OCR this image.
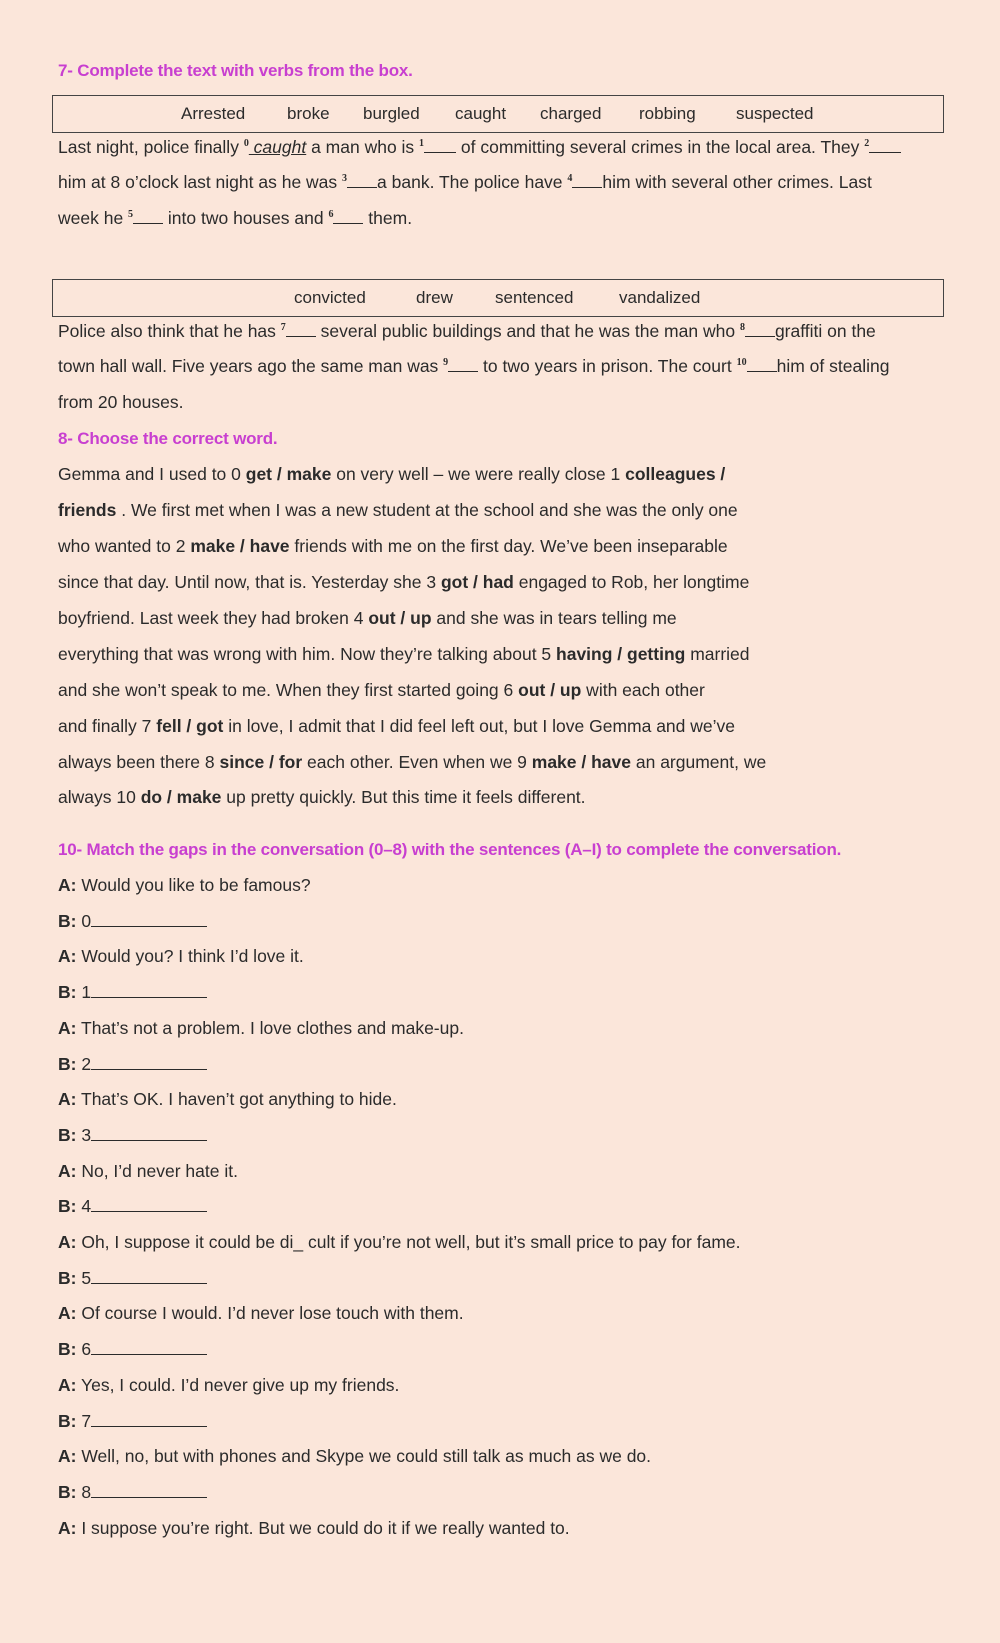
7- Complete the text with verbs from the box.
Arrested broke burgled caught charged robbing suspected
Last night, police finally $^0$ caught a man who is $^1$ of committing several crimes in the local area. They $^2$
him at 8 o’clock last night as he was $^3$ a bank. The police have $^4$ him with several other crimes. Last
week he $^5$ into two houses and $^6$ them.
convicted	drew sentenced	vandalized
Police also think that he has $^7$ several public buildings and that he was the man who $^8$ graffiti on the
town hall wall. Five years ago the same man was $^9$ to two years in prison. The court $^{10}$ him of stealing
from 20 houses.
8- Choose the correct word.
Gemma and I used to 0 get / make on very well – we were really close 1 colleagues /
friends . We first met when I was a new student at the school and she was the only one
who wanted to 2 make / have friends with me on the first day. We’ve been inseparable
since that day. Until now, that is. Yesterday she 3 got / had engaged to Rob, her longtime
boyfriend. Last week they had broken 4 out / up and she was in tears telling me
everything that was wrong with him. Now they’re talking about 5 having / getting married
and she won’t speak to me. When they first started going 6 out / up with each other
and finally 7 fell / got in love, I admit that I did feel left out, but I love Gemma and we’ve
always been there 8 since / for each other. Even when we 9 make / have an argument, we
always 10 do / make up pretty quickly. But this time it feels different.
10- Match the gaps in the conversation (0–8) with the sentences (A–I) to complete the conversation.
A: Would you like to be famous?
B: 0
A: Would you? I think I’d love it.
B: 1
A: That’s not a problem. I love clothes and make-up.
B: 2
A: That’s OK. I haven’t got anything to hide.
B: 3
A: No, I’d never hate it.
B: 4
A: Oh, I suppose it could be di_ cult if you’re not well, but it’s small price to pay for fame.
B: 5
A: Of course I would. I’d never lose touch with them.
B: 6
A: Yes, I could. I’d never give up my friends.
B: 7
A: Well, no, but with phones and Skype we could still talk as much as we do.
B: 8
A: I suppose you’re right. But we could do it if we really wanted to.
